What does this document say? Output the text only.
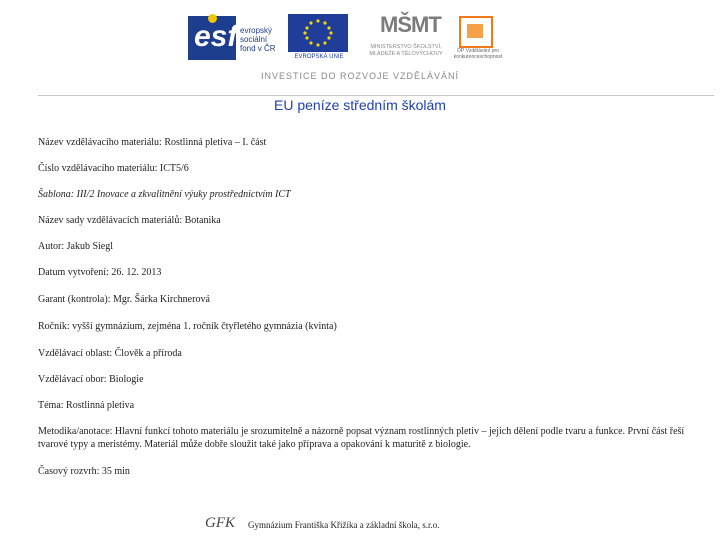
esf evropský sociální fond v ČR
EVROPSKÁ UNIE
MŠMT
MINISTERSTVO ŠKOLSTVÍ, MLÁDEŽE A TĚLOVÝCHOVY	OP Vzdělávání pro konkurenceschopnost
INVESTICE DO ROZVOJE VZDĚLÁVÁNÍ
EU peníze středním školám
Název vzdělávacího materiálu: Rostlinná pletiva – I. část
Číslo vzdělávacího materiálu: ICT5/6
Šablona: III/2 Inovace a zkvalitnění výuky prostřednictvím ICT
Název sady vzdělávacích materiálů: Botanika
Autor: Jakub Siegl
Datum vytvoření: 26. 12. 2013
Garant (kontrola): Mgr. Šárka Kirchnerová
Ročník: vyšší gymnázium, zejména 1. ročník čtyřletého gymnázia (kvinta)
Vzdělávací oblast: Člověk a příroda
Vzdělávací obor: Biologie
Téma: Rostlinná pletiva
Metodika/anotace: Hlavní funkcí tohoto materiálu je srozumitelně a názorně popsat význam rostlinných pletiv – jejich dělení podle tvaru a funkce. První část řeší tvarové typy a meristémy. Materiál může dobře sloužit také jako příprava a opakování k maturitě z biologie.
Časový rozvrh: 35 min
GFK Gymnázium Františka Křižíka a základní škola, s.r.o.
